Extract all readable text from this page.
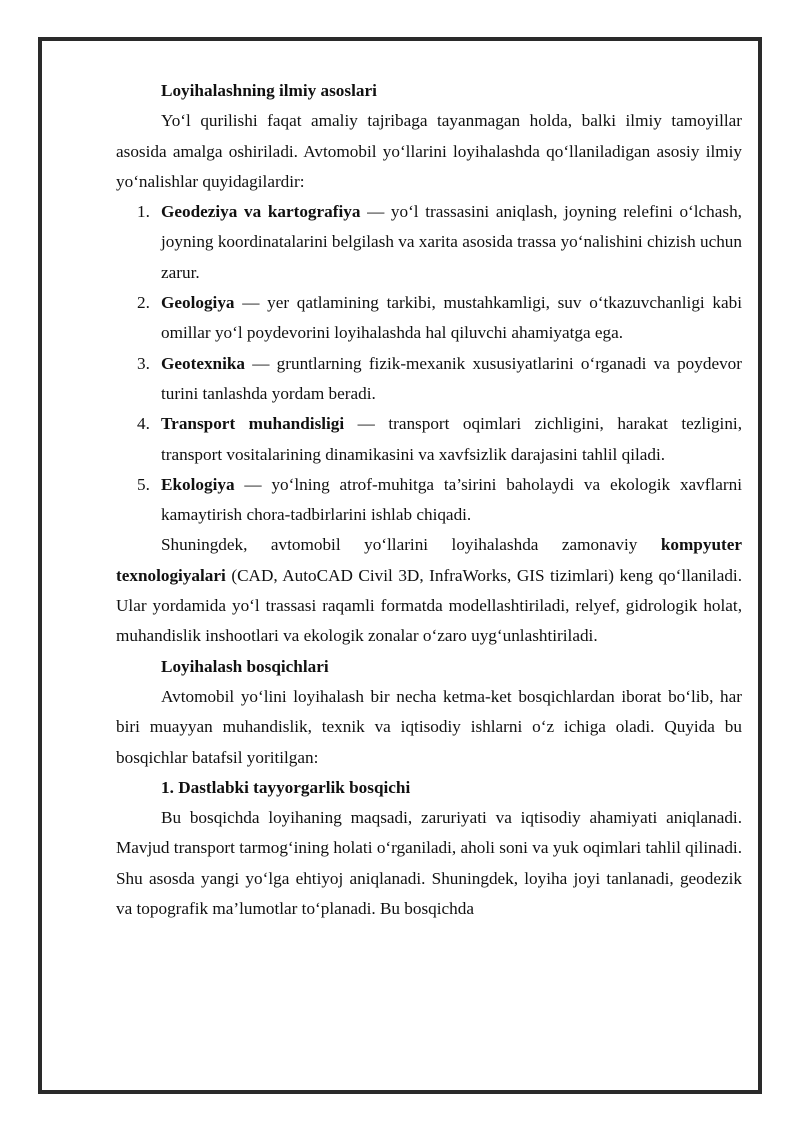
Loyihalashning ilmiy asoslari

Yo‘l qurilishi faqat amaliy tajribaga tayanmagan holda, balki ilmiy tamoyillar asosida amalga oshiriladi. Avtomobil yo‘llarini loyihalashda qo‘llaniladigan asosiy ilmiy yo‘nalishlar quyidagilardir:

1. Geodeziya va kartografiya — yo‘l trassasini aniqlash, joyning relefini o‘lchash, joyning koordinatalarini belgilash va xarita asosida trassa yo‘nalishini chizish uchun zarur.
2. Geologiya — yer qatlamining tarkibi, mustahkamligi, suv o‘tkazuvchanligi kabi omillar yo‘l poydevorini loyihalashda hal qiluvchi ahamiyatga ega.
3. Geotexnika — gruntlarning fizik-mexanik xususiyatlarini o‘rganadi va poydevor turini tanlashda yordam beradi.
4. Transport muhandisligi — transport oqimlari zichligini, harakat tezligini, transport vositalarining dinamikasini va xavfsizlik darajasini tahlil qiladi.
5. Ekologiya — yo‘lning atrof-muhitga ta’sirini baholaydi va ekologik xavflarni kamaytirish chora-tadbirlarini ishlab chiqadi.

Shuningdek, avtomobil yo‘llarini loyihalashda zamonaviy kompyuter texnologiyalari (CAD, AutoCAD Civil 3D, InfraWorks, GIS tizimlari) keng qo‘llaniladi. Ular yordamida yo‘l trassasi raqamli formatda modellashtiriladi, relyef, gidrologik holat, muhandislik inshootlari va ekologik zonalar o‘zaro uyg‘unlashtiriladi.

Loyihalash bosqichlari

Avtomobil yo‘lini loyihalash bir necha ketma-ket bosqichlardan iborat bo‘lib, har biri muayyan muhandislik, texnik va iqtisodiy ishlarni o‘z ichiga oladi. Quyida bu bosqichlar batafsil yoritilgan:

1. Dastlabki tayyorgarlik bosqichi

Bu bosqichda loyihaning maqsadi, zaruriyati va iqtisodiy ahamiyati aniqlanadi. Mavjud transport tarmog‘ining holati o‘rganiladi, aholi soni va yuk oqimlari tahlil qilinadi. Shu asosda yangi yo‘lga ehtiyoj aniqlanadi. Shuningdek, loyiha joyi tanlanadi, geodezik va topografik ma’lumotlar to‘planadi. Bu bosqichda
